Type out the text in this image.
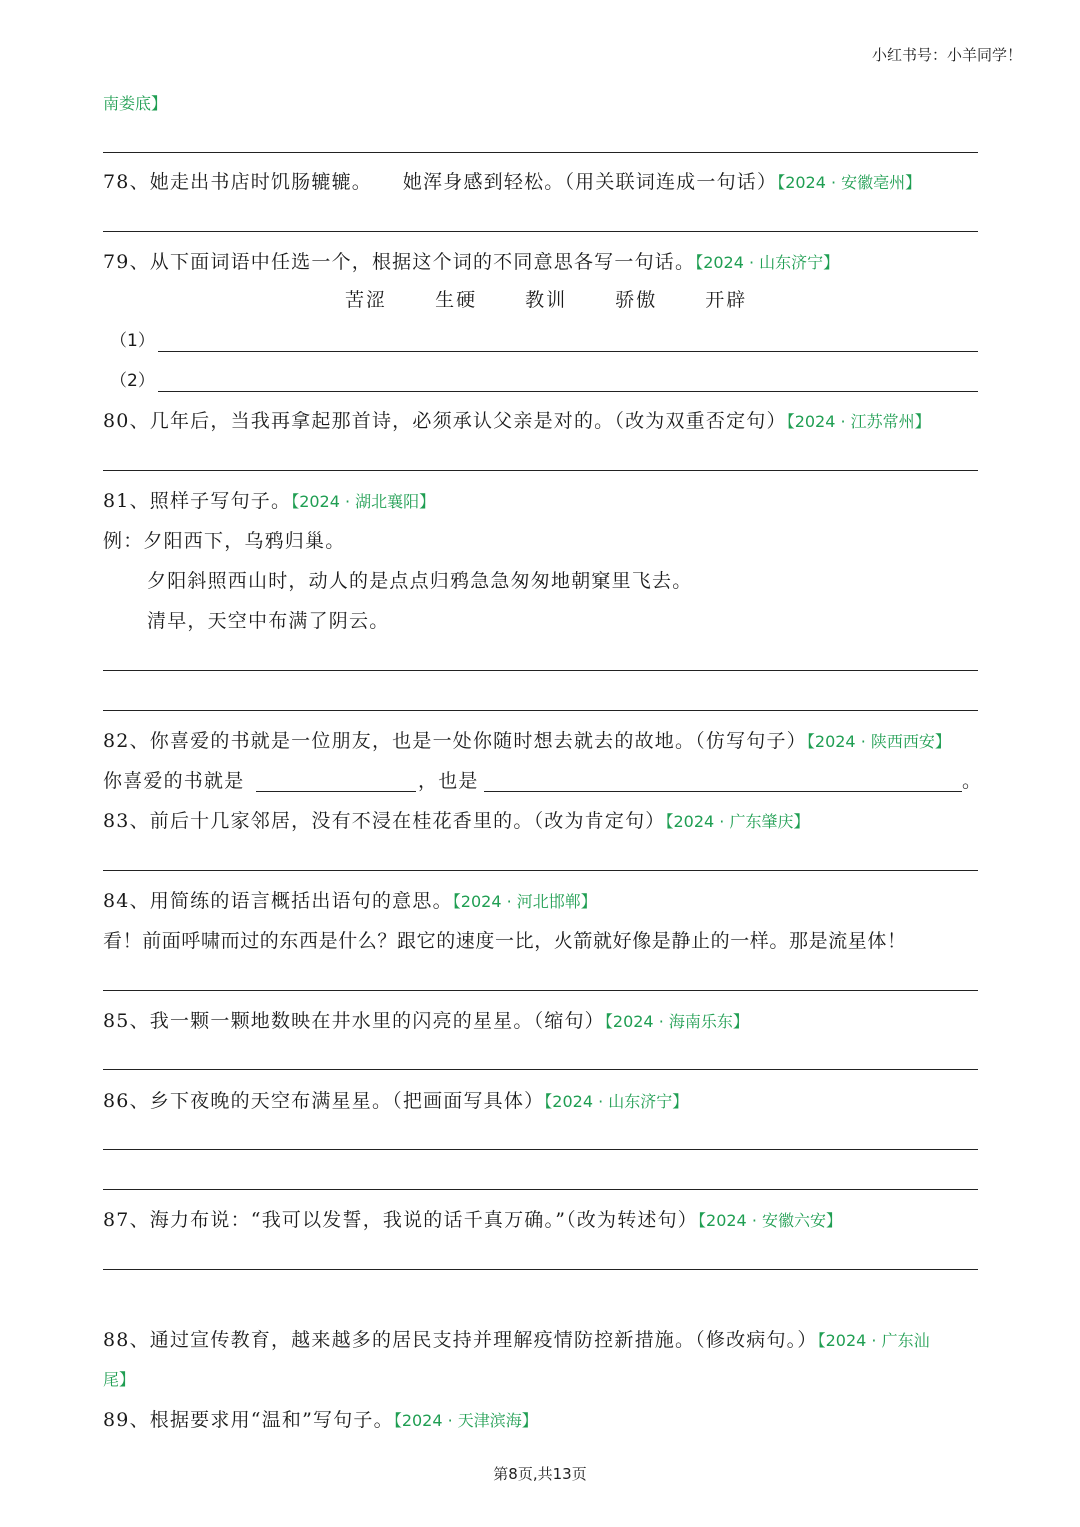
小红书号：小羊同学！
南娄底】
78、她走出书店时饥肠辘辘。　　她浑身感到轻松。（用关联词连成一句话）【2024 · 安徽亳州】
79、从下面词语中任选一个，根据这个词的不同意思各写一句话。【2024 · 山东济宁】
苦涩	生硬	教训	骄傲	开辟
（1）
（2）
80、几年后，当我再拿起那首诗，必须承认父亲是对的。（改为双重否定句）【2024 · 江苏常州】
81、照样子写句子。【2024 · 湖北襄阳】
例：夕阳西下，乌鸦归巢。
夕阳斜照西山时，动人的是点点归鸦急急匆匆地朝窠里飞去。
清早，天空中布满了阴云。
82、你喜爱的书就是一位朋友，也是一处你随时想去就去的故地。（仿写句子）【2024 · 陕西西安】
你喜爱的书就是	，也是	。
83、前后十几家邻居，没有不浸在桂花香里的。（改为肯定句）【2024 · 广东肇庆】
84、用简练的语言概括出语句的意思。【2024 · 河北邯郸】
看！前面呼啸而过的东西是什么？跟它的速度一比，火箭就好像是静止的一样。那是流星体！
85、我一颗一颗地数映在井水里的闪亮的星星。（缩句）【2024 · 海南乐东】
86、乡下夜晚的天空布满星星。（把画面写具体）【2024 · 山东济宁】
87、海力布说：“我可以发誓，我说的话千真万确。”（改为转述句）【2024 · 安徽六安】
88、通过宣传教育，越来越多的居民支持并理解疫情防控新措施。（修改病句。）【2024 · 广东汕
尾】
89、根据要求用“温和”写句子。【2024 · 天津滨海】
第8页,共13页
